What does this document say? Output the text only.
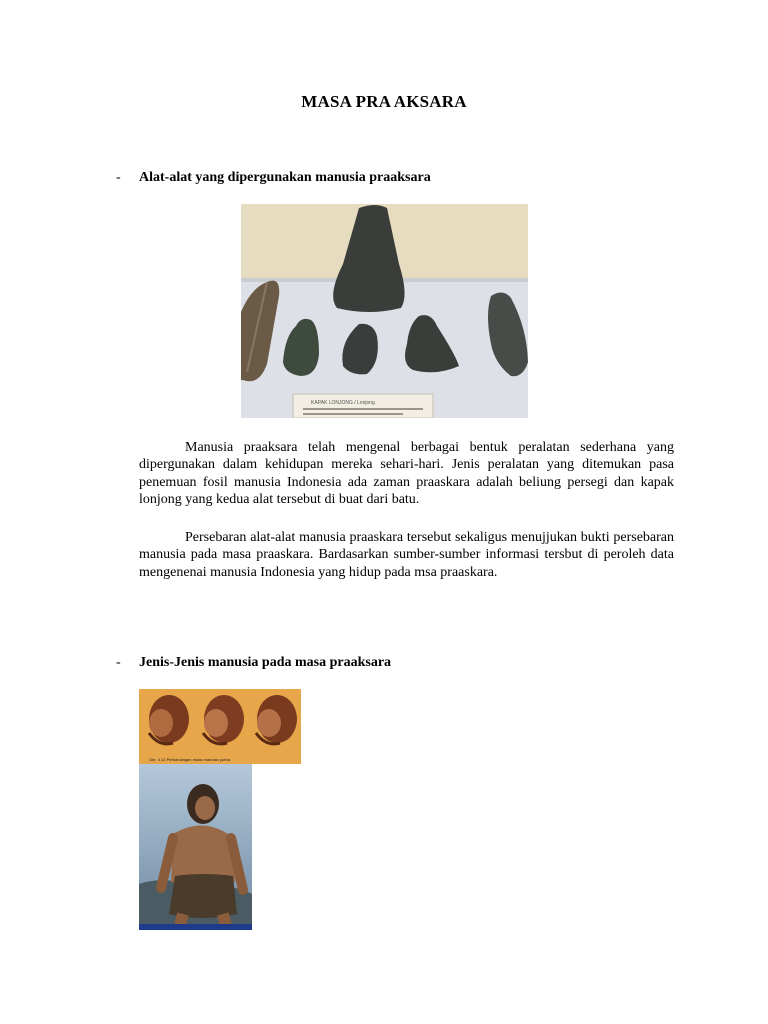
MASA PRA AKSARA
- Alat-alat yang dipergunakan manusia praaksara
KAPAK LONJONG / Lonjong

Manusia praaksara telah mengenal berbagai bentuk peralatan sederhana yang dipergunakan dalam kehidupan mereka sehari-hari. Jenis peralatan yang ditemukan pasa penemuan fosil manusia Indonesia ada zaman praaskara adalah beliung persegi dan kapak lonjong yang kedua alat tersebut di buat dari batu.

Persebaran alat-alat manusia praaskara tersebut sekaligus menujjukan bukti persebaran manusia pada masa praaskara. Bardasarkan sumber-sumber informasi tersbut di peroleh data mengenenai manusia Indonesia yang hidup pada msa praaskara.

- Jenis-Jenis manusia pada masa praaksara
Gbr. 4.12 Perbandingan muka manusia purba
